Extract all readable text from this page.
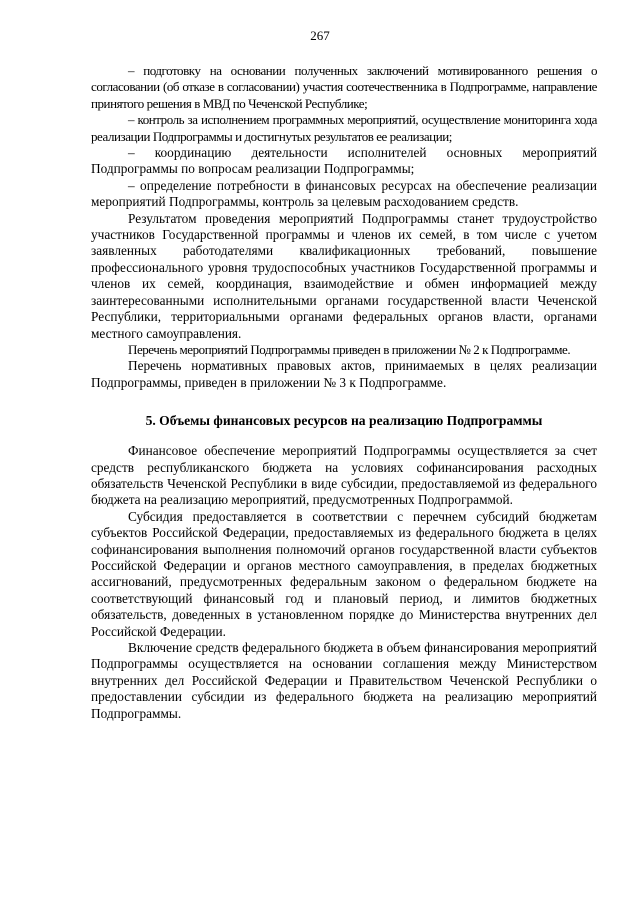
267

– подготовку на основании полученных заключений мотивированного решения о согласовании (об отказе в согласовании) участия соотечественника в Подпрограмме, направление принятого решения в МВД по Чеченской Республике;

– контроль за исполнением программных мероприятий, осуществление мониторинга хода реализации Подпрограммы и достигнутых результатов ее реализации;

– координацию деятельности исполнителей основных мероприятий Подпрограммы по вопросам реализации Подпрограммы;

– определение потребности в финансовых ресурсах на обеспечение реализации мероприятий Подпрограммы, контроль за целевым расходованием средств.

Результатом проведения мероприятий Подпрограммы станет трудоустройство участников Государственной программы и членов их семей, в том числе с учетом заявленных работодателями квалификационных требований, повышение профессионального уровня трудоспособных участников Государственной программы и членов их семей, координация, взаимодействие и обмен информацией между заинтересованными исполнительными органами государственной власти Чеченской Республики, территориальными органами федеральных органов власти, органами местного самоуправления.

Перечень мероприятий Подпрограммы приведен в приложении № 2 к Подпрограмме.

Перечень нормативных правовых актов, принимаемых в целях реализации Подпрограммы, приведен в приложении № 3 к Подпрограмме.

5. Объемы финансовых ресурсов на реализацию Подпрограммы

Финансовое обеспечение мероприятий Подпрограммы осуществляется за счет средств республиканского бюджета на условиях софинансирования расходных обязательств Чеченской Республики в виде субсидии, предоставляемой из федерального бюджета на реализацию мероприятий, предусмотренных Подпрограммой.

Субсидия предоставляется в соответствии с перечнем субсидий бюджетам субъектов Российской Федерации, предоставляемых из федерального бюджета в целях софинансирования выполнения полномочий органов государственной власти субъектов Российской Федерации и органов местного самоуправления, в пределах бюджетных ассигнований, предусмотренных федеральным законом о федеральном бюджете на соответствующий финансовый год и плановый период, и лимитов бюджетных обязательств, доведенных в установленном порядке до Министерства внутренних дел Российской Федерации.

Включение средств федерального бюджета в объем финансирования мероприятий Подпрограммы осуществляется на основании соглашения между Министерством внутренних дел Российской Федерации и Правительством Чеченской Республики о предоставлении субсидии из федерального бюджета на реализацию мероприятий Подпрограммы.
